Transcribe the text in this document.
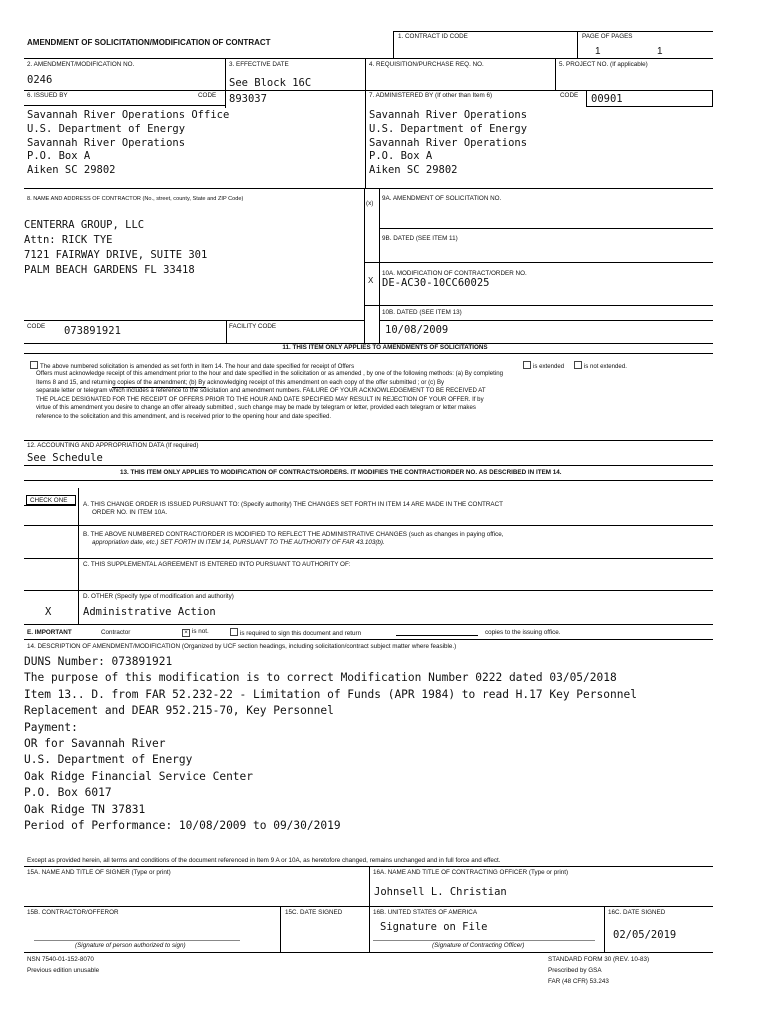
AMENDMENT OF SOLICITATION/MODIFICATION OF CONTRACT
1. CONTRACT ID CODE	PAGE OF PAGES
1	1
2. AMENDMENT/MODIFICATION NO.
0246
3. EFFECTIVE DATE
See Block 16C
4. REQUISITION/PURCHASE REQ. NO.	5. PROJECT NO. (If applicable)
6. ISSUED BY	CODE 893037
Savannah River Operations Office
U.S. Department of Energy
Savannah River Operations
P.O. Box A
Aiken SC 29802
7. ADMINISTERED BY (If other than Item 6)	CODE 00901
Savannah River Operations
U.S. Department of Energy
Savannah River Operations
P.O. Box A
Aiken SC 29802
8. NAME AND ADDRESS OF CONTRACTOR (No., street, county, State and ZIP Code)
CENTERRA GROUP, LLC
Attn: RICK TYE
7121 FAIRWAY DRIVE, SUITE 301
PALM BEACH GARDENS FL 33418
(x)
9A. AMENDMENT OF SOLICITATION NO.
9B. DATED (SEE ITEM 11)
10A. MODIFICATION OF CONTRACT/ORDER NO.
X DE-AC30-10CC60025
10B. DATED (SEE ITEM 13)
10/08/2009
CODE 073891921	FACILITY CODE
11. THIS ITEM ONLY APPLIES TO AMENDMENTS OF SOLICITATIONS
The above numbered solicitation is amended as set forth in Item 14. The hour and date specified for receipt of Offers	is extended	is not extended.
Offers must acknowledge receipt of this amendment prior to the hour and date specified in the solicitation or as amended , by one of the following methods: (a) By completing
Items 8 and 15, and returning copies of the amendment; (b) By acknowledging receipt of this amendment on each copy of the offer submitted ; or (c) By
separate letter or telegram which includes a reference to the solicitation and amendment numbers. FAILURE OF YOUR ACKNOWLEDGEMENT TO BE RECEIVED AT
THE PLACE DESIGNATED FOR THE RECEIPT OF OFFERS PRIOR TO THE HOUR AND DATE SPECIFIED MAY RESULT IN REJECTION OF YOUR OFFER. If by
virtue of this amendment you desire to change an offer already submitted , such change may be made by telegram or letter, provided each telegram or letter makes
reference to the solicitation and this amendment, and is received prior to the opening hour and date specified.
12. ACCOUNTING AND APPROPRIATION DATA (If required)
See Schedule
13. THIS ITEM ONLY APPLIES TO MODIFICATION OF CONTRACTS/ORDERS. IT MODIFIES THE CONTRACT/ORDER NO. AS DESCRIBED IN ITEM 14.
CHECK ONE
A. THIS CHANGE ORDER IS ISSUED PURSUANT TO: (Specify authority) THE CHANGES SET FORTH IN ITEM 14 ARE MADE IN THE CONTRACT
ORDER NO. IN ITEM 10A.
B. THE ABOVE NUMBERED CONTRACT/ORDER IS MODIFIED TO REFLECT THE ADMINISTRATIVE CHANGES (such as changes in paying office,
appropriation date, etc.) SET FORTH IN ITEM 14, PURSUANT TO THE AUTHORITY OF FAR 43.103(b).
C. THIS SUPPLEMENTAL AGREEMENT IS ENTERED INTO PURSUANT TO AUTHORITY OF:
D. OTHER (Specify type of modification and authority)
X	Administrative Action
E. IMPORTANT	Contractor	× is not.	is required to sign this document and return	copies to the issuing office.
14. DESCRIPTION OF AMENDMENT/MODIFICATION (Organized by UCF section headings, including solicitation/contract subject matter where feasible.)
DUNS Number: 073891921
The purpose of this modification is to correct Modification Number 0222 dated 03/05/2018
Item 13.. D. from FAR 52.232-22 - Limitation of Funds (APR 1984) to read H.17 Key Personnel
Replacement and DEAR 952.215-70, Key Personnel
Payment:
OR for Savannah River
U.S. Department of Energy
Oak Ridge Financial Service Center
P.O. Box 6017
Oak Ridge TN 37831
Period of Performance: 10/08/2009 to 09/30/2019
Except as provided herein, all terms and conditions of the document referenced in Item 9 A or 10A, as heretofore changed, remains unchanged and in full force and effect.
15A. NAME AND TITLE OF SIGNER (Type or print)	16A. NAME AND TITLE OF CONTRACTING OFFICER (Type or print)
Johnsell L. Christian
15B. CONTRACTOR/OFFEROR	15C. DATE SIGNED	16B. UNITED STATES OF AMERICA
Signature on File
16C. DATE SIGNED
02/05/2019
(Signature of person authorized to sign)	(Signature of Contracting Officer)
NSN 7540-01-152-8070
Previous edition unusable
STANDARD FORM 30 (REV. 10-83)
Prescribed by GSA
FAR (48 CFR) 53.243
